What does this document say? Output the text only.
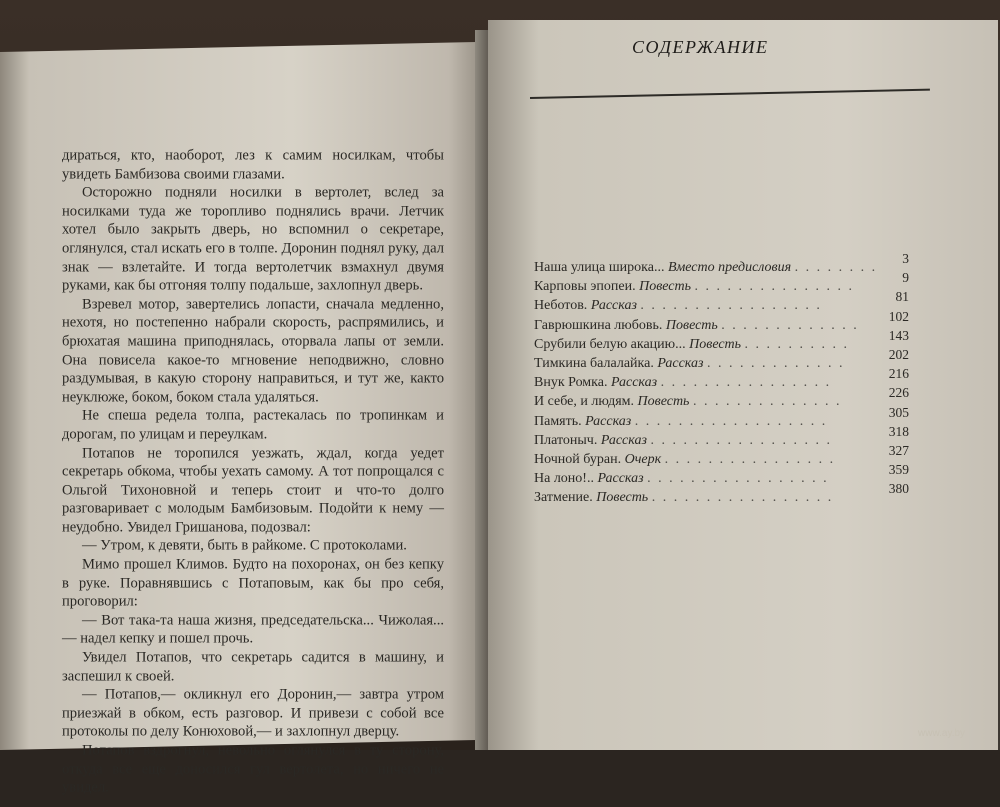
дираться, кто, наоборот, лез к самим носилкам, чтобы увидеть Бамбизова своими глазами.

Осторожно подняли носилки в вертолет, вслед за носилками туда же торопливо поднялись врачи. Летчик хотел было закрыть дверь, но вспомнил о секретаре, оглянулся, стал искать его в толпе. Доронин поднял руку, дал знак — взлетайте. И тогда вертолетчик взмахнул двумя руками, как бы отгоняя толпу подальше, захлопнул дверь.

Взревел мотор, завертелись лопасти, сначала медленно, нехотя, но постепенно набрали скорость, распрямились, и брюхатая машина приподнялась, оторвала лапы от земли. Она повисела какое-то мгновение неподвижно, словно раздумывая, в какую сторону направиться, и тут же, както неуклюже, боком, боком стала удаляться.

Не спеша редела толпа, растекалась по тропинкам и дорогам, по улицам и переулкам.

Потапов не торопился уезжать, ждал, когда уедет секретарь обкома, чтобы уехать самому. А тот попрощался с Ольгой Тихоновной и теперь стоит и что-то долго разговаривает с молодым Бамбизовым. Подойти к нему — неудобно. Увидел Гришанова, подозвал:

— Утром, к девяти, быть в райкоме. С протоколами.

Мимо прошел Климов. Будто на похоронах, он без кепку в руке. Поравнявшись с Потаповым, как бы про себя, проговорил:

— Вот така-та наша жизня, председательска... Чижолая...— надел кепку и пошел прочь.

Увидел Потапов, что секретарь садится в машину, и заспешил к своей.

— Потапов,— окликнул его Доронин,— завтра утром приезжай в обком, есть разговор. И привези с собой все протоколы по делу Конюховой,— и захлопнул дверцу.

Потапов вздрогнул, невольно оглянулся в ту сторону, откуда все еще доносился гул вертолета, но ничего не увидел.

СОДЕРЖАНИЕ
Наша улица широка... Вместо предисловия . . . . . . . .
3
Карповы эпопеи. Повесть . . . . . . . . . . . . . . .
9
Неботов. Рассказ . . . . . . . . . . . . . . . . .
81
Гаврюшкина любовь. Повесть . . . . . . . . . . . . .
102
Срубили белую акацию... Повесть . . . . . . . . . .
143
Тимкина балалайка. Рассказ . . . . . . . . . . . . .
202
Внук Ромка. Рассказ . . . . . . . . . . . . . . . .
216
И себе, и людям. Повесть . . . . . . . . . . . . . .
226
Память. Рассказ . . . . . . . . . . . . . . . . . .
305
Платоныч. Рассказ . . . . . . . . . . . . . . . . .
318
Ночной буран. Очерк . . . . . . . . . . . . . . . .
327
На лоно!.. Рассказ . . . . . . . . . . . . . . . . .
359
Затмение. Повесть . . . . . . . . . . . . . . . . .
380
www.ay.by
